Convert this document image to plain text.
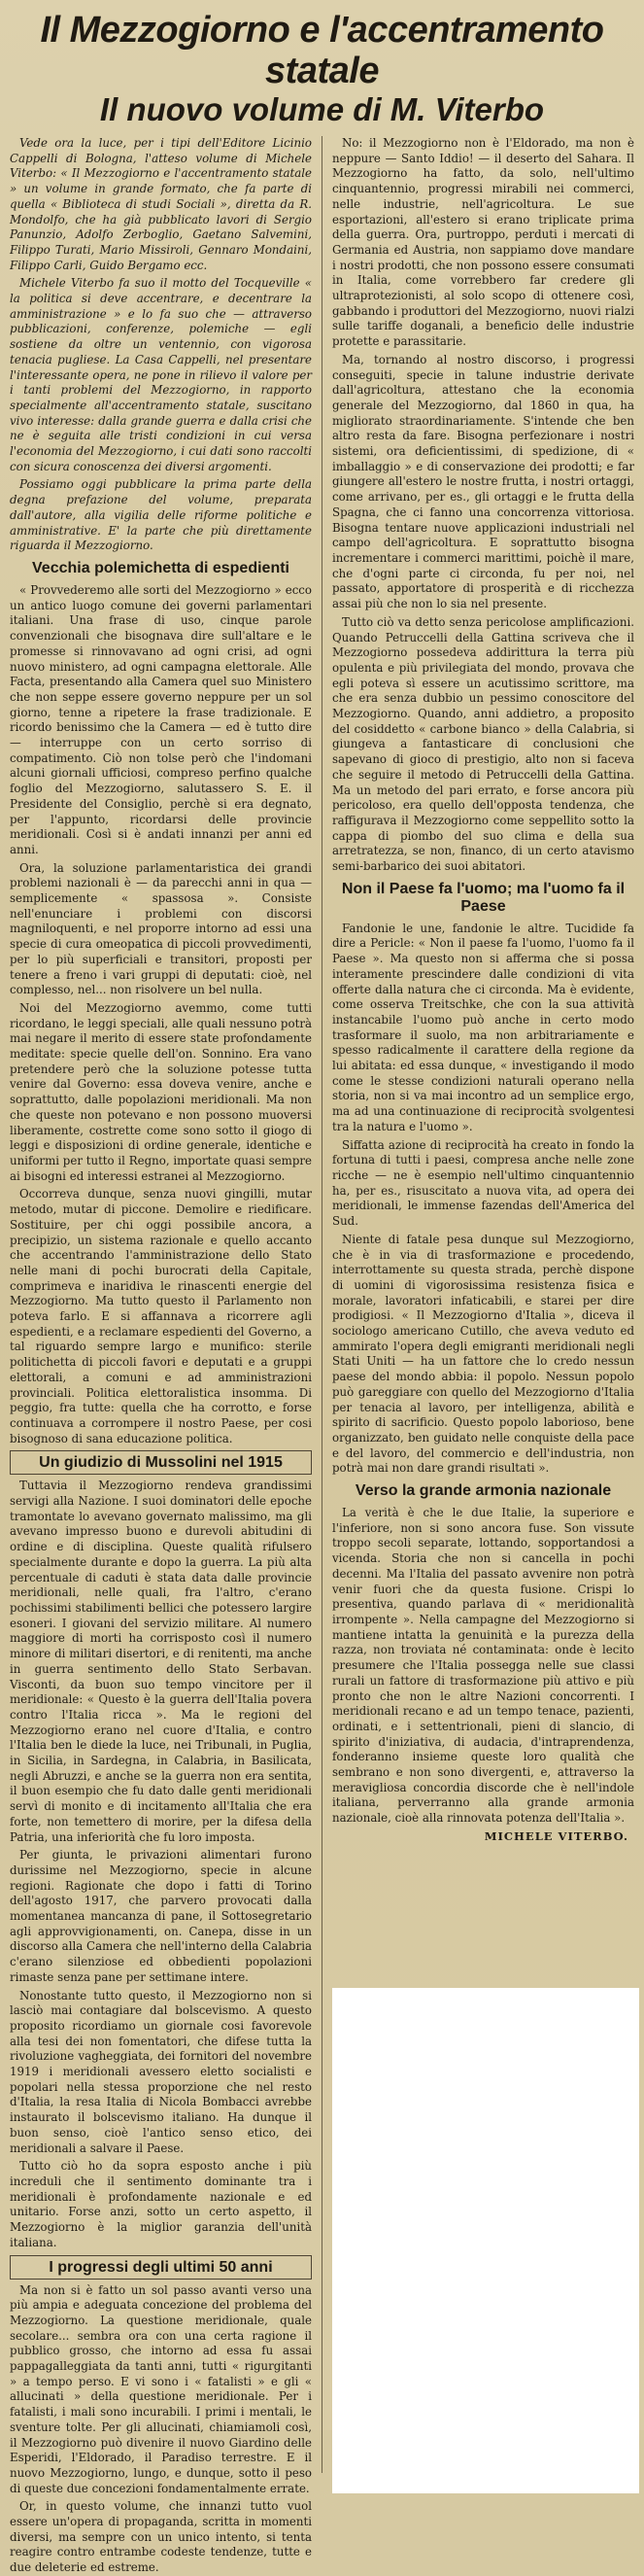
Il Mezzogiorno e l'accentramento statale
Il nuovo volume di M. Viterbo

Vede ora la luce, per i tipi dell'Editore Licinio Cappelli di Bologna, l'atteso volume di Michele Viterbo: « Il Mezzogiorno e l'accentramento statale » un volume in grande formato, che fa parte di quella « Biblioteca di studi Sociali », diretta da R. Mondolfo, che ha già pubblicato lavori di Sergio Panunzio, Adolfo Zerboglio, Gaetano Salvemini, Filippo Turati, Mario Missiroli, Gennaro Mondaini, Filippo Carli, Guido Bergamo ecc.

Michele Viterbo fa suo il motto del Tocqueville « la politica si deve accentrare, e decentrare la amministrazione » e lo fa suo che — attraverso pubblicazioni, conferenze, polemiche — egli sostiene da oltre un ventennio, con vigorosa tenacia pugliese. La Casa Cappelli, nel presentare l'interessante opera, ne pone in rilievo il valore per i tanti problemi del Mezzogiorno, in rapporto specialmente all'accentramento statale, suscitano vivo interesse: dalla grande guerra e dalla crisi che ne è seguita alle tristi condizioni in cui versa l'economia del Mezzogiorno, i cui dati sono raccolti con sicura conoscenza dei diversi argomenti.

Possiamo oggi pubblicare la prima parte della degna prefazione del volume, preparata dall'autore, alla vigilia delle riforme politiche e amministrative. E' la parte che più direttamente riguarda il Mezzogiorno.

Vecchia polemichetta di espedienti

« Provvederemo alle sorti del Mezzogiorno » ecco un antico luogo comune dei governi parlamentari italiani. Una frase di uso, cinque parole convenzionali che bisognava dire sull'altare e le promesse si rinnovavano ad ogni crisi, ad ogni nuovo ministero, ad ogni campagna elettorale. Alle Facta, presentando alla Camera quel suo Ministero che non seppe essere governo neppure per un sol giorno, tenne a ripetere la frase tradizionale. E ricordo benissimo che la Camera — ed è tutto dire — interruppe con un certo sorriso di compatimento. Ciò non tolse però che l'indomani alcuni giornali ufficiosi, compreso perfino qualche foglio del Mezzogiorno, salutassero S. E. il Presidente del Consiglio, perchè si era degnato, per l'appunto, ricordarsi delle provincie meridionali. Così si è andati innanzi per anni ed anni.

Ora, la soluzione parlamentaristica dei grandi problemi nazionali è — da parecchi anni in qua — semplicemente « spassosa ». Consiste nell'enunciare i problemi con discorsi magniloquenti, e nel proporre intorno ad essi una specie di cura omeopatica di piccoli provvedimenti, per lo più superficiali e transitori, proposti per tenere a freno i vari gruppi di deputati: cioè, nel complesso, nel... non risolvere un bel nulla.

Noi del Mezzogiorno avemmo, come tutti ricordano, le leggi speciali, alle quali nessuno potrà mai negare il merito di essere state profondamente meditate: specie quelle dell'on. Sonnino. Era vano pretendere però che la soluzione potesse tutta venire dal Governo: essa doveva venire, anche e soprattutto, dalle popolazioni meridionali. Ma non che queste non potevano e non possono muoversi liberamente, costrette come sono sotto il giogo di leggi e disposizioni di ordine generale, identiche e uniformi per tutto il Regno, importate quasi sempre ai bisogni ed interessi estranei al Mezzogiorno.

Occorreva dunque, senza nuovi gingilli, mutar metodo, mutar di piccone. Demolire e riedificare. Sostituire, per chi oggi possibile ancora, a precipizio, un sistema razionale e quello accanto che accentrando l'amministrazione dello Stato nelle mani di pochi burocrati della Capitale, comprimeva e inaridiva le rinascenti energie del Mezzogiorno. Ma tutto questo il Parlamento non poteva farlo. E si affannava a ricorrere agli espedienti, e a reclamare espedienti del Governo, a tal riguardo sempre largo e munifico: sterile politichetta di piccoli favori e deputati e a gruppi elettorali, a comuni e ad amministrazioni provinciali. Politica elettoralistica insomma. Di peggio, fra tutte: quella che ha corrotto, e forse continuava a corrompere il nostro Paese, per cosi bisognoso di sana educazione politica.

Un giudizio di Mussolini nel 1915

Tuttavia il Mezzogiorno rendeva grandissimi servigi alla Nazione. I suoi dominatori delle epoche tramontate lo avevano governato malissimo, ma gli avevano impresso buono e durevoli abitudini di ordine e di disciplina. Queste qualità rifulsero specialmente durante e dopo la guerra. La più alta percentuale di caduti è stata data dalle provincie meridionali, nelle quali, fra l'altro, c'erano pochissimi stabilimenti bellici che potessero largire esoneri. I giovani del servizio militare. Al numero maggiore di morti ha corrisposto così il numero minore di militari disertori, e di renitenti, ma anche in guerra sentimento dello Stato Serbavan. Visconti, da buon suo tempo vincitore per il meridionale: « Questo è la guerra dell'Italia povera contro l'Italia ricca ». Ma le regioni del Mezzogiorno erano nel cuore d'Italia, e contro l'Italia ben le diede la luce, nei Tribunali, in Puglia, in Sicilia, in Sardegna, in Calabria, in Basilicata, negli Abruzzi, e anche se la guerra non era sentita, il buon esempio che fu dato dalle genti meridionali servì di monito e di incitamento all'Italia che era forte, non temettero di morire, per la difesa della Patria, una inferiorità che fu loro imposta.

Per giunta, le privazioni alimentari furono durissime nel Mezzogiorno, specie in alcune regioni. Ragionate che dopo i fatti di Torino dell'agosto 1917, che parvero provocati dalla momentanea mancanza di pane, il Sottosegretario agli approvvigionamenti, on. Canepa, disse in un discorso alla Camera che nell'interno della Calabria c'erano silenziose ed obbedienti popolazioni rimaste senza pane per settimane intere.

Nonostante tutto questo, il Mezzogiorno non si lasciò mai contagiare dal bolscevismo. A questo proposito ricordiamo un giornale cosi favorevole alla tesi dei non fomentatori, che difese tutta la rivoluzione vagheggiata, dei fornitori del novembre 1919 i meridionali avessero eletto socialisti e popolari nella stessa proporzione che nel resto d'Italia, la resa Italia di Nicola Bombacci avrebbe instaurato il bolscevismo italiano. Ha dunque il buon senso, cioè l'antico senso etico, dei meridionali a salvare il Paese.

Tutto ciò ho da sopra esposto anche i più increduli che il sentimento dominante tra i meridionali è profondamente nazionale e ed unitario. Forse anzi, sotto un certo aspetto, il Mezzogiorno è la miglior garanzia dell'unità italiana.

I progressi degli ultimi 50 anni

Ma non si è fatto un sol passo avanti verso una più ampia e adeguata concezione del problema del Mezzogiorno. La questione meridionale, quale secolare... sembra ora con una certa ragione il pubblico grosso, che intorno ad essa fu assai pappagalleggiata da tanti anni, tutti « rigurgitanti » a tempo perso. E vi sono i « fatalisti » e gli « allucinati » della questione meridionale. Per i fatalisti, i mali sono incurabili. I primi i mentali, le sventure tolte. Per gli allucinati, chiamiamoli così, il Mezzogiorno può divenire il nuovo Giardino delle Esperidi, l'Eldorado, il Paradiso terrestre. E il nuovo Mezzogiorno, lungo, e dunque, sotto il peso di queste due concezioni fondamentalmente errate.

Or, in questo volume, che innanzi tutto vuol essere un'opera di propaganda, scritta in momenti diversi, ma sempre con un unico intento, si tenta reagire contro entrambe codeste tendenze, tutte e due deleterie ed estreme.

No: il Mezzogiorno non è l'Eldorado, ma non è neppure — Santo Iddio! — il deserto del Sahara. Il Mezzogiorno ha fatto, da solo, nell'ultimo cinquantennio, progressi mirabili nei commerci, nelle industrie, nell'agricoltura. Le sue esportazioni, all'estero si erano triplicate prima della guerra. Ora, purtroppo, perduti i mercati di Germania ed Austria, non sappiamo dove mandare i nostri prodotti, che non possono essere consumati in Italia, come vorrebbero far credere gli ultraprotezionisti, al solo scopo di ottenere così, gabbando i produttori del Mezzogiorno, nuovi rialzi sulle tariffe doganali, a beneficio delle industrie protette e parassitarie.

Ma, tornando al nostro discorso, i progressi conseguiti, specie in talune industrie derivate dall'agricoltura, attestano che la economia generale del Mezzogiorno, dal 1860 in qua, ha migliorato straordinariamente. S'intende che ben altro resta da fare. Bisogna perfezionare i nostri sistemi, ora deficientissimi, di spedizione, di « imballaggio » e di conservazione dei prodotti; e far giungere all'estero le nostre frutta, i nostri ortaggi, come arrivano, per es., gli ortaggi e le frutta della Spagna, che ci fanno una concorrenza vittoriosa. Bisogna tentare nuove applicazioni industriali nel campo dell'agricoltura. E soprattutto bisogna incrementare i commerci marittimi, poichè il mare, che d'ogni parte ci circonda, fu per noi, nel passato, apportatore di prosperità e di ricchezza assai più che non lo sia nel presente.

Tutto ciò va detto senza pericolose amplificazioni. Quando Petruccelli della Gattina scriveva che il Mezzogiorno possedeva addirittura la terra più opulenta e più privilegiata del mondo, provava che egli poteva sì essere un acutissimo scrittore, ma che era senza dubbio un pessimo conoscitore del Mezzogiorno. Quando, anni addietro, a proposito del cosiddetto « carbone bianco » della Calabria, si giungeva a fantasticare di conclusioni che sapevano di gioco di prestigio, alto non si faceva che seguire il metodo di Petruccelli della Gattina. Ma un metodo del pari errato, e forse ancora più pericoloso, era quello dell'opposta tendenza, che raffigurava il Mezzogiorno come seppellito sotto la cappa di piombo del suo clima e della sua arretratezza, se non, financo, di un certo atavismo semi-barbarico dei suoi abitatori.

Non il Paese fa l'uomo; ma l'uomo fa il Paese

Fandonie le une, fandonie le altre. Tucidide fa dire a Pericle: « Non il paese fa l'uomo, l'uomo fa il Paese ». Ma questo non si afferma che si possa interamente prescindere dalle condizioni di vita offerte dalla natura che ci circonda. Ma è evidente, come osserva Treitschke, che con la sua attività instancabile l'uomo può anche in certo modo trasformare il suolo, ma non arbitrariamente e spesso radicalmente il carattere della regione da lui abitata: ed essa dunque, « investigando il modo come le stesse condizioni naturali operano nella storia, non si va mai incontro ad un semplice ergo, ma ad una continuazione di reciprocità svolgentesi tra la natura e l'uomo ».

Siffatta azione di reciprocità ha creato in fondo la fortuna di tutti i paesi, compresa anche nelle zone ricche — ne è esempio nell'ultimo cinquantennio ha, per es., risuscitato a nuova vita, ad opera dei meridionali, le immense fazendas dell'America del Sud.

Niente di fatale pesa dunque sul Mezzogiorno, che è in via di trasformazione e procedendo, interrottamente su questa strada, perchè dispone di uomini di vigorosissima resistenza fisica e morale, lavoratori infaticabili, e starei per dire prodigiosi. « Il Mezzogiorno d'Italia », diceva il sociologo americano Cutillo, che aveva veduto ed ammirato l'opera degli emigranti meridionali negli Stati Uniti — ha un fattore che lo credo nessun paese del mondo abbia: il popolo. Nessun popolo può gareggiare con quello del Mezzogiorno d'Italia per tenacia al lavoro, per intelligenza, abilità e spirito di sacrificio. Questo popolo laborioso, bene organizzato, ben guidato nelle conquiste della pace e del lavoro, del commercio e dell'industria, non potrà mai non dare grandi risultati ».

Verso la grande armonia nazionale

La verità è che le due Italie, la superiore e l'inferiore, non si sono ancora fuse. Son vissute troppo secoli separate, lottando, sopportandosi a vicenda. Storia che non si cancella in pochi decenni. Ma l'Italia del passato avvenire non potrà venir fuori che da questa fusione. Crispi lo presentiva, quando parlava di « meridionalità irrompente ». Nella campagne del Mezzogiorno si mantiene intatta la genuinità e la purezza della razza, non troviata né contaminata: onde è lecito presumere che l'Italia possegga nelle sue classi rurali un fattore di trasformazione più attivo e più pronto che non le altre Nazioni concorrenti. I meridionali recano e ad un tempo tenace, pazienti, ordinati, e i settentrionali, pieni di slancio, di spirito d'iniziativa, di audacia, d'intraprendenza, fonderanno insieme queste loro qualità che sembrano e non sono divergenti, e, attraverso la meravigliosa concordia discorde che è nell'indole italiana, perverranno alla grande armonia nazionale, cioè alla rinnovata potenza dell'Italia ».

MICHELE VITERBO.
